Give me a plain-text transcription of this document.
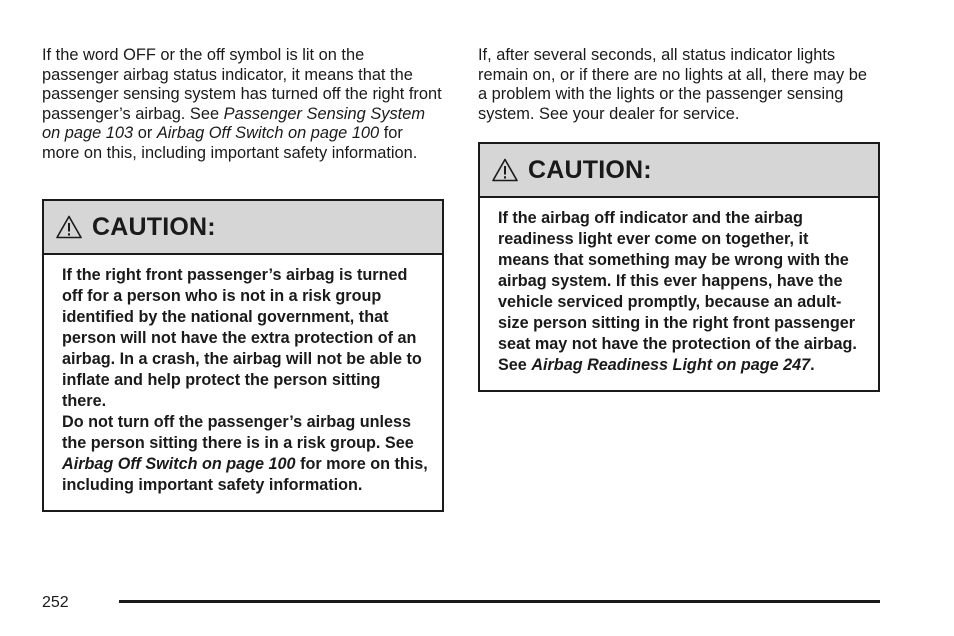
If the word OFF or the off symbol is lit on the passenger airbag status indicator, it means that the passenger sensing system has turned off the right front passenger’s airbag. See Passenger Sensing System on page 103 or Airbag Off Switch on page 100 for more on this, including important safety information.

CAUTION:

If the right front passenger’s airbag is turned off for a person who is not in a risk group identified by the national government, that person will not have the extra protection of an airbag. In a crash, the airbag will not be able to inflate and help protect the person sitting there.

Do not turn off the passenger’s airbag unless the person sitting there is in a risk group. See Airbag Off Switch on page 100 for more on this, including important safety information.

If, after several seconds, all status indicator lights remain on, or if there are no lights at all, there may be a problem with the lights or the passenger sensing system. See your dealer for service.

CAUTION:

If the airbag off indicator and the airbag readiness light ever come on together, it means that something may be wrong with the airbag system. If this ever happens, have the vehicle serviced promptly, because an adult-size person sitting in the right front passenger seat may not have the protection of the airbag. See Airbag Readiness Light on page 247.

252
